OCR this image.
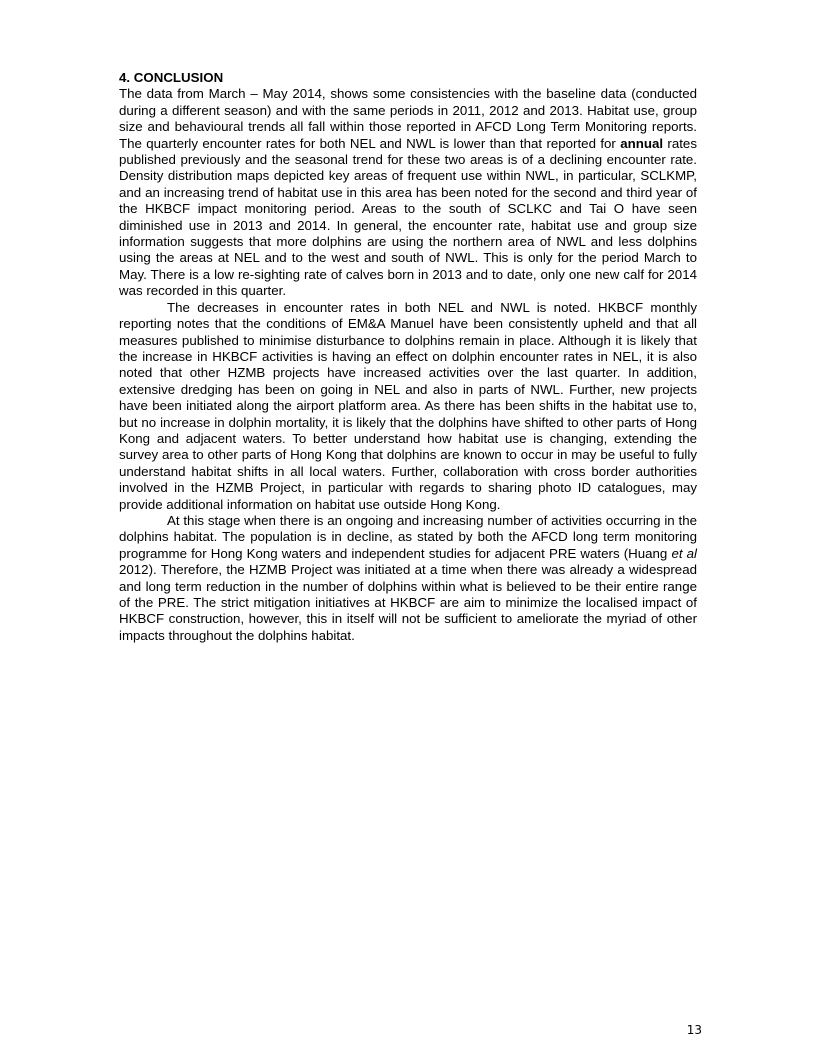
4. CONCLUSION

The data from March – May 2014, shows some consistencies with the baseline data (conducted during a different season) and with the same periods in 2011, 2012 and 2013. Habitat use, group size and behavioural trends all fall within those reported in AFCD Long Term Monitoring reports. The quarterly encounter rates for both NEL and NWL is lower than that reported for annual rates published previously and the seasonal trend for these two areas is of a declining encounter rate. Density distribution maps depicted key areas of frequent use within NWL, in particular, SCLKMP, and an increasing trend of habitat use in this area has been noted for the second and third year of the HKBCF impact monitoring period. Areas to the south of SCLKC and Tai O have seen diminished use in 2013 and 2014. In general, the encounter rate, habitat use and group size information suggests that more dolphins are using the northern area of NWL and less dolphins using the areas at NEL and to the west and south of NWL. This is only for the period March to May. There is a low re-sighting rate of calves born in 2013 and to date, only one new calf for 2014 was recorded in this quarter.

The decreases in encounter rates in both NEL and NWL is noted. HKBCF monthly reporting notes that the conditions of EM&A Manuel have been consistently upheld and that all measures published to minimise disturbance to dolphins remain in place. Although it is likely that the increase in HKBCF activities is having an effect on dolphin encounter rates in NEL, it is also noted that other HZMB projects have increased activities over the last quarter. In addition, extensive dredging has been on going in NEL and also in parts of NWL. Further, new projects have been initiated along the airport platform area. As there has been shifts in the habitat use to, but no increase in dolphin mortality, it is likely that the dolphins have shifted to other parts of Hong Kong and adjacent waters. To better understand how habitat use is changing, extending the survey area to other parts of Hong Kong that dolphins are known to occur in may be useful to fully understand habitat shifts in all local waters. Further, collaboration with cross border authorities involved in the HZMB Project, in particular with regards to sharing photo ID catalogues, may provide additional information on habitat use outside Hong Kong.

At this stage when there is an ongoing and increasing number of activities occurring in the dolphins habitat. The population is in decline, as stated by both the AFCD long term monitoring programme for Hong Kong waters and independent studies for adjacent PRE waters (Huang et al 2012). Therefore, the HZMB Project was initiated at a time when there was already a widespread and long term reduction in the number of dolphins within what is believed to be their entire range of the PRE. The strict mitigation initiatives at HKBCF are aim to minimize the localised impact of HKBCF construction, however, this in itself will not be sufficient to ameliorate the myriad of other impacts throughout the dolphins habitat.

13
